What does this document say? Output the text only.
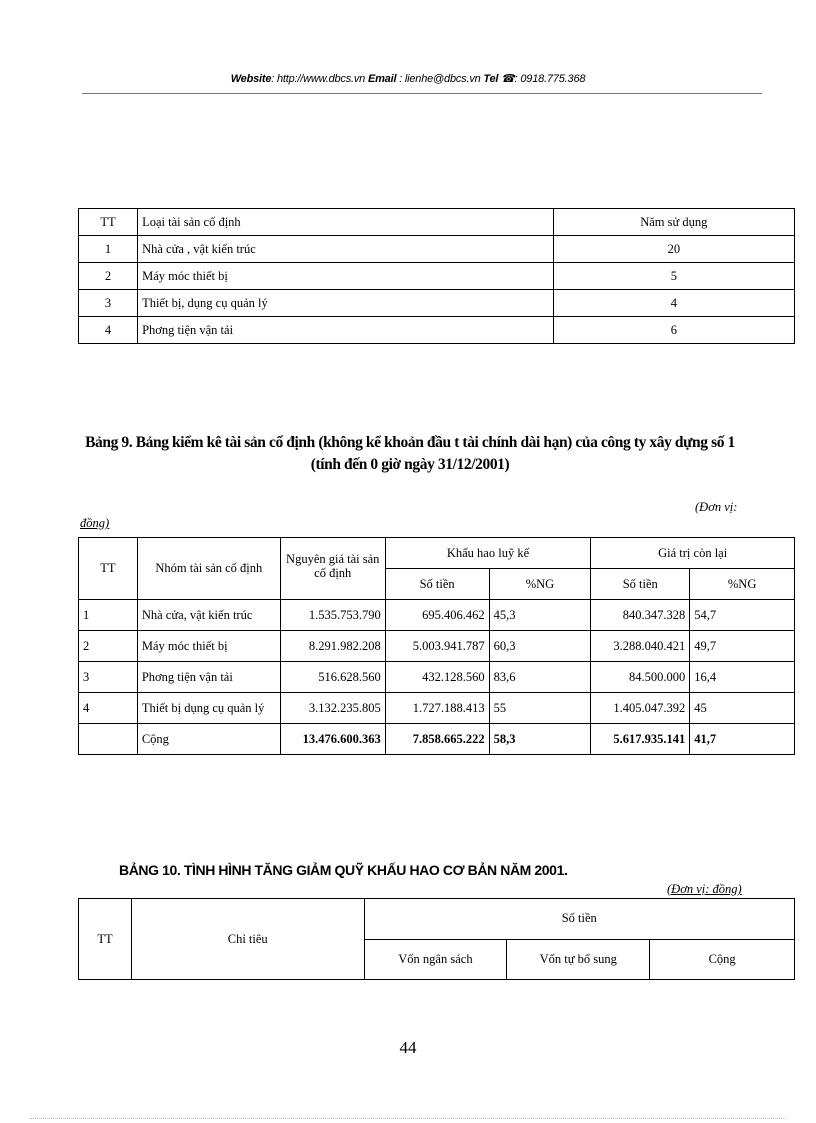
Website: http://www.dbcs.vn Email : lienhe@dbcs.vn Tel ☎: 0918.775.368
TT	Loại tài sản cố định	Năm sử dụng
1	Nhà cửa , vật kiến trúc	20
2	Máy móc thiết bị	5
3	Thiết bị, dụng cụ quản lý	4
4	Phơng tiện vận tải	6
Bảng 9. Bảng kiểm kê tài sản cố định (không kể khoản đầu t tài chính dài hạn) của công ty xây dựng số 1
(tính đến 0 giờ ngày 31/12/2001)
(Đơn vị:
đồng)
TT	Nhóm tài sản cố định	Nguyên giá tài sản cố định	Khấu hao luỹ kế		Giá trị còn lại	
			Số tiền	%NG	Số tiền	%NG
1	Nhà cửa, vật kiến trúc	1.535.753.790	695.406.462	45,3	840.347.328	54,7
2	Máy móc thiết bị	8.291.982.208	5.003.941.787	60,3	3.288.040.421	49,7
3	Phơng tiện vận tải	516.628.560	432.128.560	83,6	84.500.000	16,4
4	Thiết bị dụng cụ quản lý	3.132.235.805	1.727.188.413	55	1.405.047.392	45
	Cộng	13.476.600.363	7.858.665.222	58,3	5.617.935.141	41,7
BẢNG 10. TÌNH HÌNH TĂNG GIẢM QUỸ KHẤU HAO CƠ BẢN NĂM 2001.
(Đơn vị: đồng)
TT	Chỉ tiêu	Số tiền		
		Vốn ngân sách	Vốn tự bổ sung	Cộng
44
